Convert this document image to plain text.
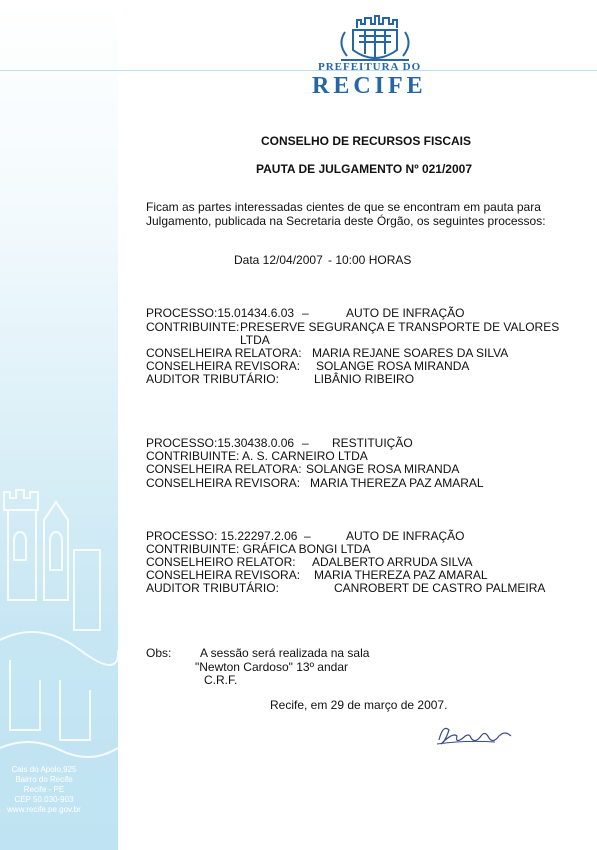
PREFEITURA DO
RECIFE
CONSELHO DE RECURSOS FISCAIS
PAUTA DE JULGAMENTO Nº 021/2007
Ficam as partes interessadas cientes de que se encontram em pauta para
Julgamento, publicada na Secretaria deste Órgão, os seguintes processos:
Data 12/04/2007 - 10:00 HORAS
PROCESSO:15.01434.6.03 –	AUTO DE INFRAÇÃO
CONTRIBUINTE: PRESERVE SEGURANÇA E TRANSPORTE DE VALORES
LTDA
CONSELHEIRA RELATORA: MARIA REJANE SOARES DA SILVA
CONSELHEIRA REVISORA: SOLANGE ROSA MIRANDA
AUDITOR TRIBUTÁRIO:	LIBÂNIO RIBEIRO
PROCESSO:15.30438.0.06 – RESTITUIÇÃO
CONTRIBUINTE: A. S. CARNEIRO LTDA
CONSELHEIRA RELATORA: SOLANGE ROSA MIRANDA
CONSELHEIRA REVISORA: MARIA THEREZA PAZ AMARAL
PROCESSO: 15.22297.2.06 –	AUTO DE INFRAÇÃO
CONTRIBUINTE: GRÁFICA BONGI LTDA
CONSELHEIRO RELATOR: ADALBERTO ARRUDA SILVA
CONSELHEIRA REVISORA: MARIA THEREZA PAZ AMARAL
AUDITOR TRIBUTÁRIO:	CANROBERT DE CASTRO PALMEIRA
Obs: A sessão será realizada na sala
"Newton Cardoso" 13º andar
C.R.F.
Recife, em 29 de março de 2007.
Cais do Apolo,925
Bairro do Recife
Recife - PE
CEP 50.030-903
www.recife.pe.gov.br
